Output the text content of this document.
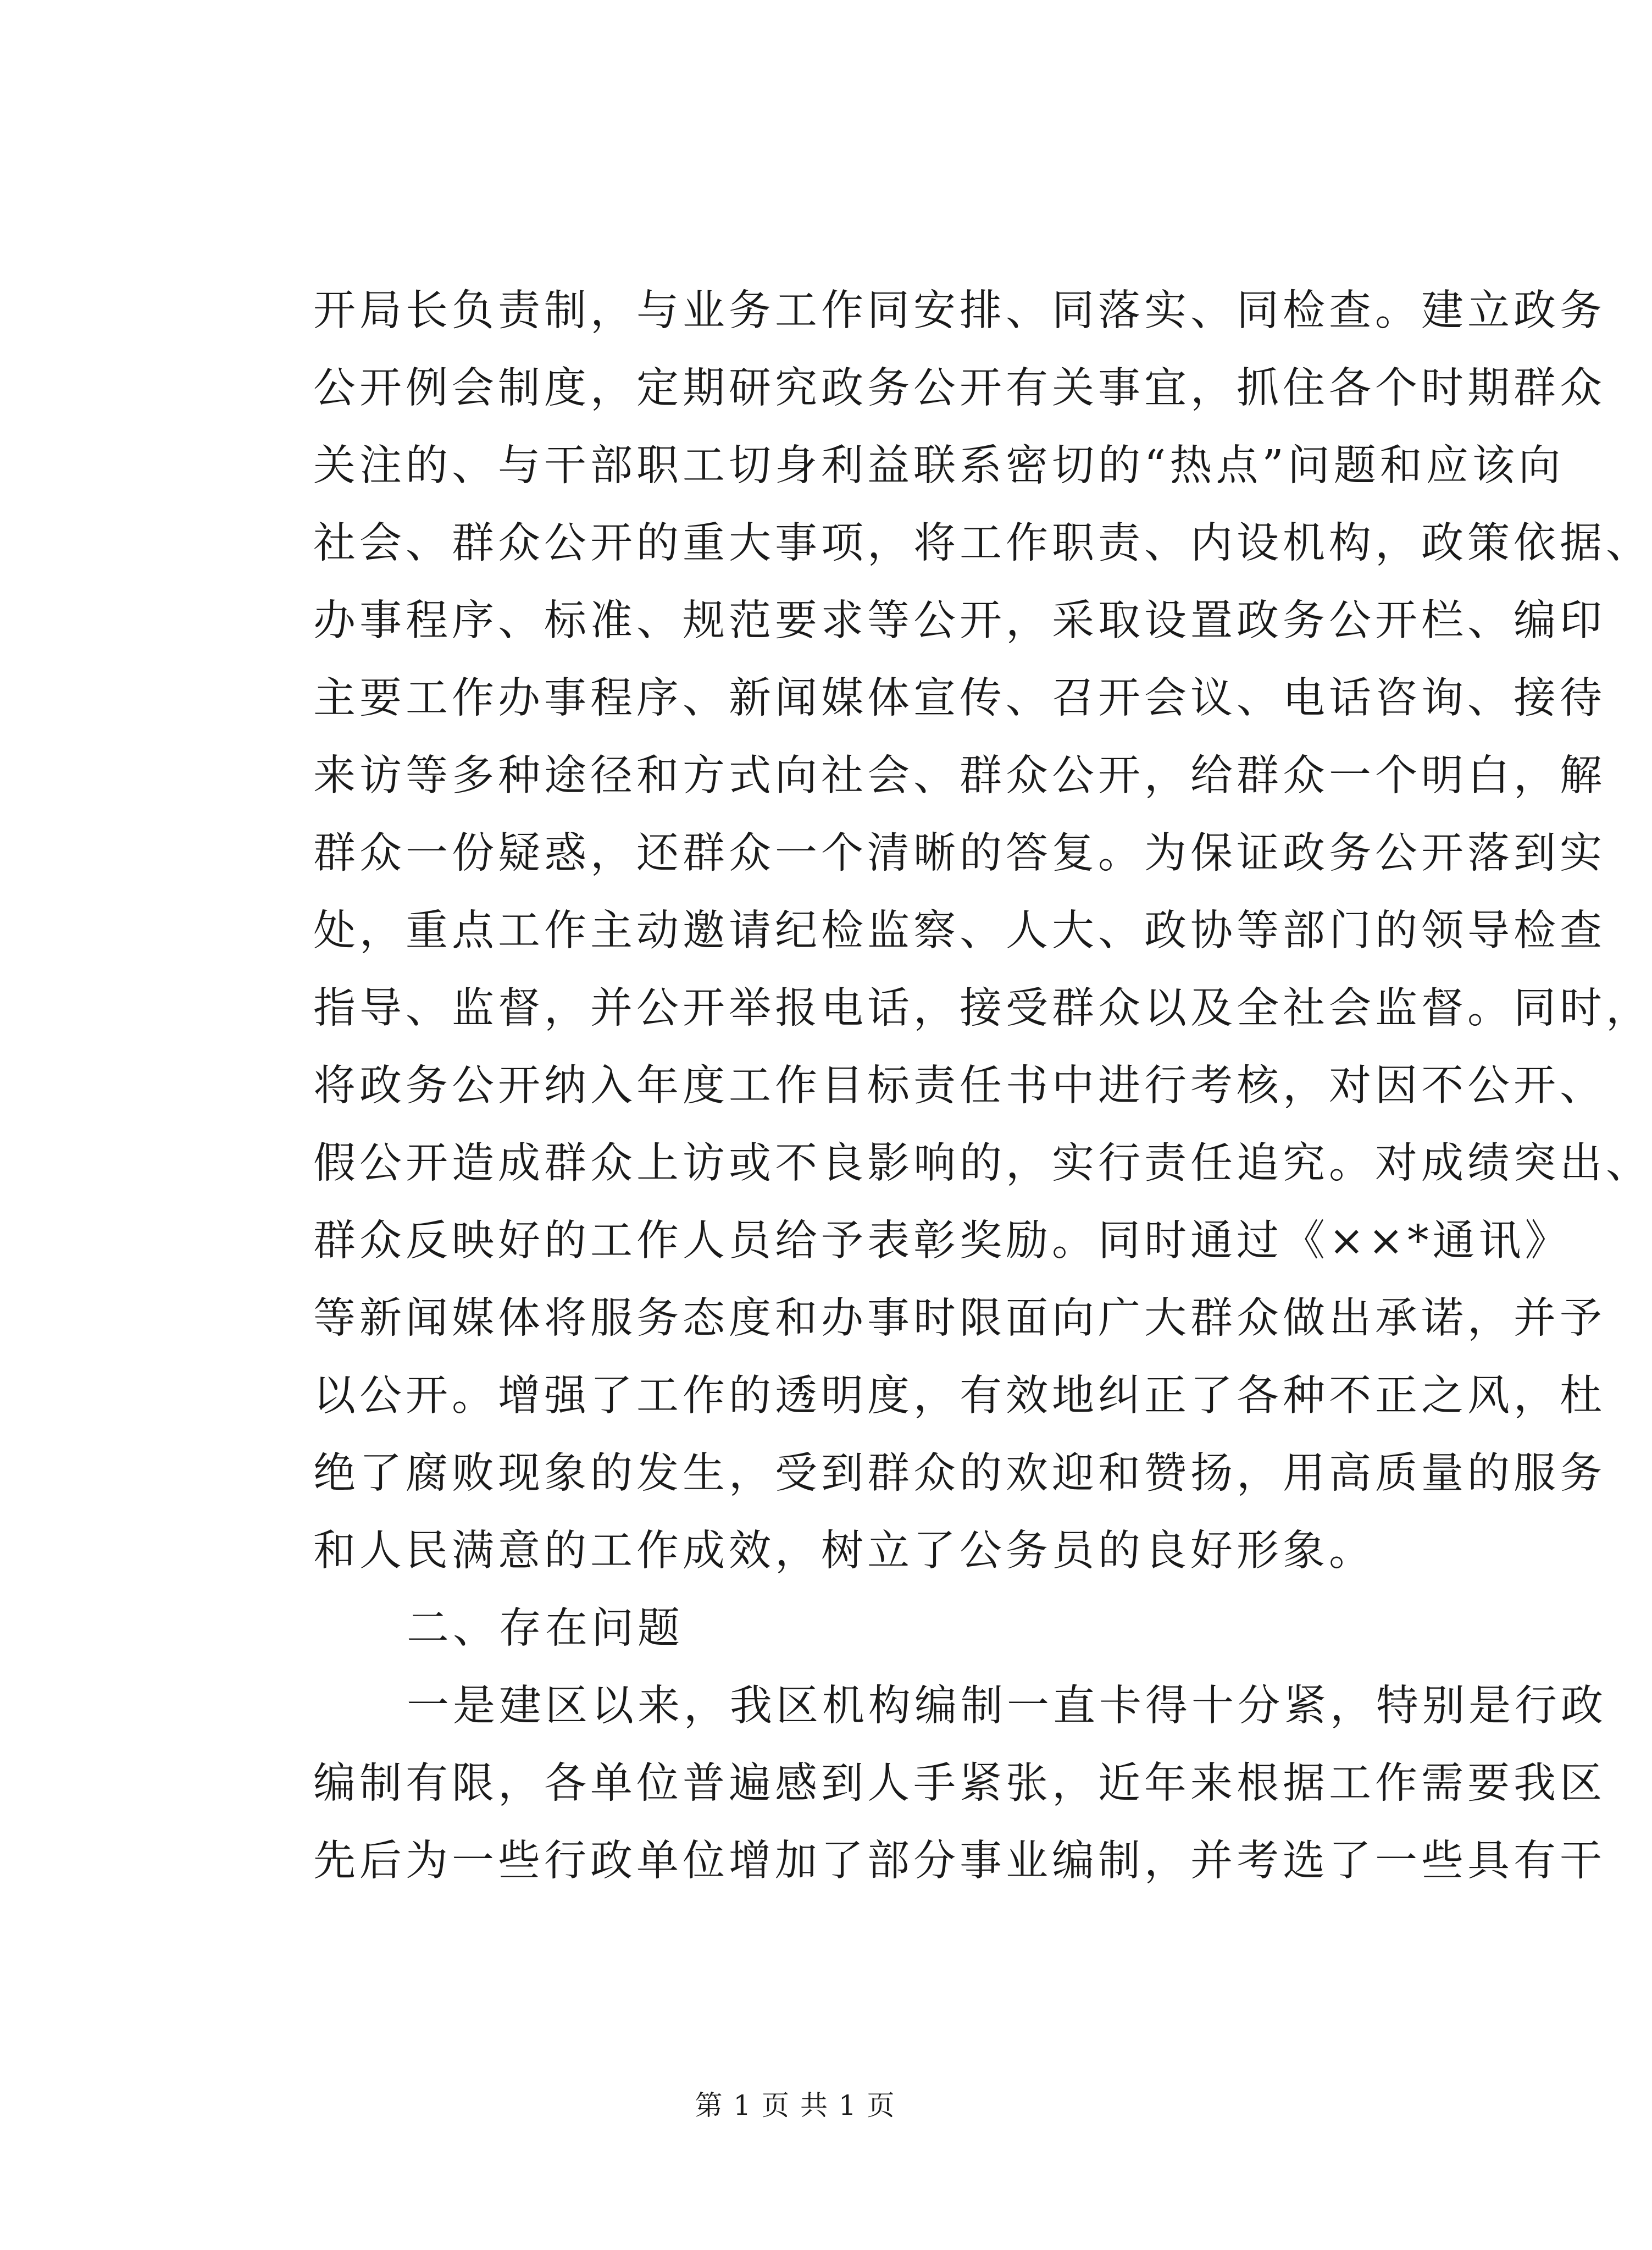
开局长负责制，与业务工作同安排、同落实、同检查。建立政务
公开例会制度，定期研究政务公开有关事宜，抓住各个时期群众
关注的、与干部职工切身利益联系密切的“热点”问题和应该向
社会、群众公开的重大事项，将工作职责、内设机构，政策依据、
办事程序、标准、规范要求等公开，采取设置政务公开栏、编印
主要工作办事程序、新闻媒体宣传、召开会议、电话咨询、接待
来访等多种途径和方式向社会、群众公开，给群众一个明白，解
群众一份疑惑，还群众一个清晰的答复。为保证政务公开落到实
处，重点工作主动邀请纪检监察、人大、政协等部门的领导检查
指导、监督，并公开举报电话，接受群众以及全社会监督。同时，
将政务公开纳入年度工作目标责任书中进行考核，对因不公开、
假公开造成群众上访或不良影响的，实行责任追究。对成绩突出、
群众反映好的工作人员给予表彰奖励。同时通过《××*通讯》
等新闻媒体将服务态度和办事时限面向广大群众做出承诺，并予
以公开。增强了工作的透明度，有效地纠正了各种不正之风，杜
绝了腐败现象的发生，受到群众的欢迎和赞扬，用高质量的服务
和人民满意的工作成效，树立了公务员的良好形象。
二、存在问题
一是建区以来，我区机构编制一直卡得十分紧，特别是行政
编制有限，各单位普遍感到人手紧张，近年来根据工作需要我区
先后为一些行政单位增加了部分事业编制，并考选了一些具有干
第 1 页 共 1 页
